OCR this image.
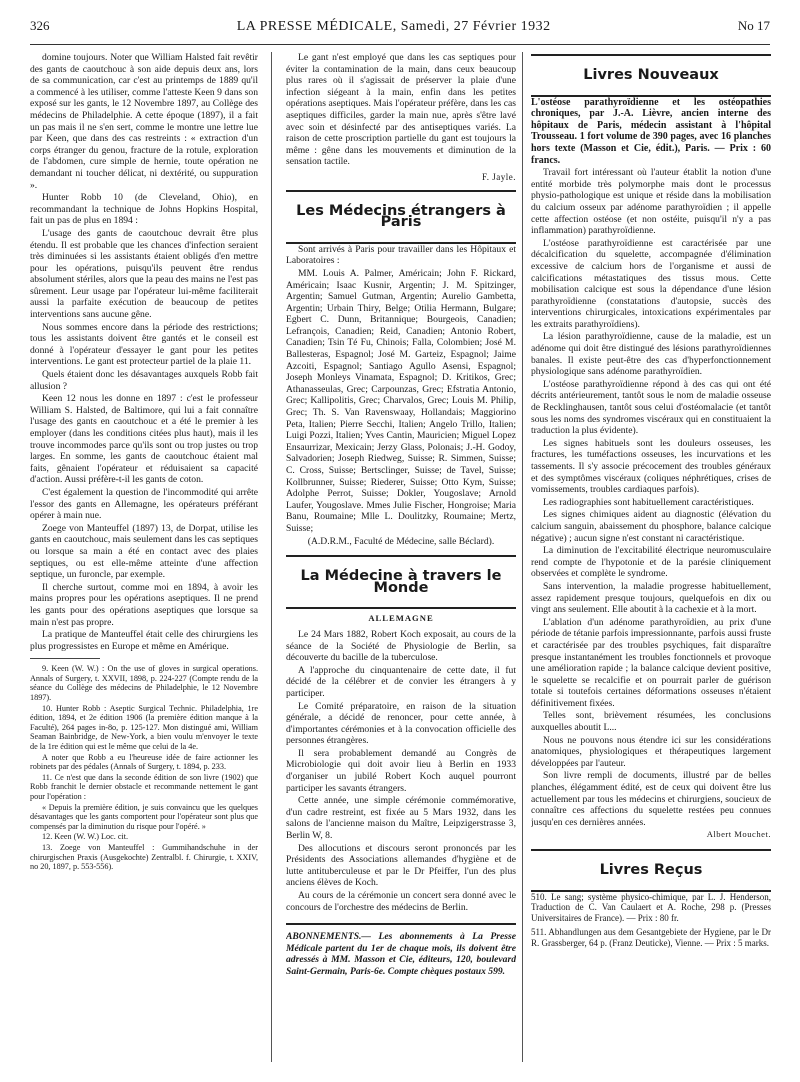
326	LA PRESSE MÉDICALE, Samedi, 27 Février 1932	No 17

domine toujours. Noter que William Halsted fait revêtir des gants de caoutchouc à son aide depuis deux ans, lors de sa communication, car c'est au printemps de 1889 qu'il a commencé à les utiliser, comme l'atteste Keen 9 dans son exposé sur les gants, le 12 Novembre 1897, au Collège des médecins de Philadelphie. A cette époque (1897), il a fait un pas mais il ne s'en sert, comme le montre une lettre lue par Keen, que dans des cas restreints : « extraction d'un corps étranger du genou, fracture de la rotule, exploration de l'abdomen, cure simple de hernie, toute opération ne demandant ni toucher délicat, ni dextérité, ou suppuration ».

Hunter Robb 10 (de Cleveland, Ohio), en recommandant la technique de Johns Hopkins Hospital, fait un pas de plus en 1894 :

L'usage des gants de caoutchouc devrait être plus étendu. Il est probable que les chances d'infection seraient très diminuées si les assistants étaient obligés d'en mettre pour les opérations, puisqu'ils peuvent être rendus absolument stériles, alors que la peau des mains ne l'est pas sûrement. Leur usage par l'opérateur lui-même faciliterait aussi la parfaite exécution de beaucoup de petites interventions sans aucune gêne.

Nous sommes encore dans la période des restrictions; tous les assistants doivent être gantés et le conseil est donné à l'opérateur d'essayer le gant pour les petites interventions. Le gant est protecteur partiel de la plaie 11.

Quels étaient donc les désavantages auxquels Robb fait allusion ?

Keen 12 nous les donne en 1897 : c'est le professeur William S. Halsted, de Baltimore, qui lui a fait connaître l'usage des gants en caoutchouc et a été le premier à les employer (dans les conditions citées plus haut), mais il les trouve incommodes parce qu'ils sont ou trop justes ou trop larges. En somme, les gants de caoutchouc étaient mal faits, gênaient l'opérateur et réduisaient sa capacité d'action. Aussi préfère-t-il les gants de coton.

C'est également la question de l'incommodité qui arrête l'essor des gants en Allemagne, les opérateurs préférant opérer à main nue.

Zoege von Manteuffel (1897) 13, de Dorpat, utilise les gants en caoutchouc, mais seulement dans les cas septiques ou lorsque sa main a été en contact avec des plaies septiques, ou est elle-même atteinte d'une affection septique, un furoncle, par exemple.

Il cherche surtout, comme moi en 1894, à avoir les mains propres pour les opérations aseptiques. Il ne prend les gants pour des opérations aseptiques que lorsque sa main n'est pas propre.

La pratique de Manteuffel était celle des chirurgiens les plus progressistes en Europe et même en Amérique.

9. Keen (W. W.) : On the use of gloves in surgical operations. Annals of Surgery, t. XXVII, 1898, p. 224-227 (Compte rendu de la séance du Collège des médecins de Philadelphie, le 12 Novembre 1897).

10. Hunter Robb : Aseptic Surgical Technic. Philadelphia, 1re édition, 1894, et 2e édition 1906 (la première édition manque à la Faculté), 264 pages in-8o, p. 125-127. Mon distingué ami, William Seaman Bainbridge, de New-York, a bien voulu m'envoyer le texte de la 1re édition qui est le même que celui de la 4e.

A noter que Robb a eu l'heureuse idée de faire actionner les robinets par des pédales (Annals of Surgery, t. 1894, p. 233.

11. Ce n'est que dans la seconde édition de son livre (1902) que Robb franchit le dernier obstacle et recommande nettement le gant pour l'opération :

« Depuis la première édition, je suis convaincu que les quelques désavantages que les gants comportent pour l'opérateur sont plus que compensés par la diminution du risque pour l'opéré. »

12. Keen (W. W.) Loc. cit.

13. Zoege von Manteuffel : Gummihandschuhe in der chirurgischen Praxis (Ausgekochte) Zentralbl. f. Chirurgie, t. XXIV, no 20, 1897, p. 553-556).

Le gant n'est employé que dans les cas septiques pour éviter la contamination de la main, dans ceux beaucoup plus rares où il s'agissait de préserver la plaie d'une infection siégeant à la main, enfin dans les petites opérations aseptiques. Mais l'opérateur préfère, dans les cas aseptiques difficiles, garder la main nue, après s'être lavé avec soin et désinfecté par des antiseptiques variés. La raison de cette proscription partielle du gant est toujours la même : gêne dans les mouvements et diminution de la sensation tactile.

F. Jayle.
Les Médecins étrangers à Paris

Sont arrivés à Paris pour travailler dans les Hôpitaux et Laboratoires :

MM. Louis A. Palmer, Américain; John F. Rickard, Américain; Isaac Kusnir, Argentin; J. M. Spitzinger, Argentin; Samuel Gutman, Argentin; Aurelio Gambetta, Argentin; Urbain Thiry, Belge; Otilia Hermann, Bulgare; Egbert C. Dunn, Britannique; Bourgeois, Canadien; Lefrançois, Canadien; Reid, Canadien; Antonio Robert, Canadien; Tsin Té Fu, Chinois; Falla, Colombien; José M. Ballesteras, Espagnol; José M. Garteiz, Espagnol; Jaime Azcoiti, Espagnol; Santiago Agullo Asensi, Espagnol; Joseph Monleys Vinamata, Espagnol; D. Kritikos, Grec; Athanasseulas, Grec; Carpounzas, Grec; Efstratia Antonio, Grec; Kallipolitis, Grec; Charvalos, Grec; Louis M. Philip, Grec; Th. S. Van Ravenswaay, Hollandais; Maggiorino Peta, Italien; Pierre Secchi, Italien; Angelo Trillo, Italien; Luigi Pozzi, Italien; Yves Cantin, Mauricien; Miguel Lopez Ensaurrizar, Mexicain; Jerzy Glass, Polonais; J.-H. Godoy, Salvadorien; Joseph Riedweg, Suisse; R. Simmen, Suisse; C. Cross, Suisse; Bertsclinger, Suisse; de Tavel, Suisse; Kollbrunner, Suisse; Riederer, Suisse; Otto Kym, Suisse; Adolphe Perrot, Suisse; Dokler, Yougoslave; Arnold Laufer, Yougoslave. Mmes Julie Fischer, Hongroise; Maria Banu, Roumaine; Mlle L. Doulitzky, Roumaine; Mertz, Suisse;

(A.D.R.M., Faculté de Médecine, salle Béclard).

La Médecine à travers le Monde
ALLEMAGNE

Le 24 Mars 1882, Robert Koch exposait, au cours de la séance de la Société de Physiologie de Berlin, sa découverte du bacille de la tuberculose.

A l'approche du cinquantenaire de cette date, il fut décidé de la célébrer et de convier les étrangers à y participer.

Le Comité préparatoire, en raison de la situation générale, a décidé de renoncer, pour cette année, à d'importantes cérémonies et à la convocation officielle des personnes étrangères.

Il sera probablement demandé au Congrès de Microbiologie qui doit avoir lieu à Berlin en 1933 d'organiser un jubilé Robert Koch auquel pourront participer les savants étrangers.

Cette année, une simple cérémonie commémorative, d'un cadre restreint, est fixée au 5 Mars 1932, dans les salons de l'ancienne maison du Maître, Leipzigerstrasse 3, Berlin W, 8.

Des allocutions et discours seront prononcés par les Présidents des Associations allemandes d'hygiène et de lutte antituberculeuse et par le Dr Pfeiffer, l'un des plus anciens élèves de Koch.

Au cours de la cérémonie un concert sera donné avec le concours de l'orchestre des médecins de Berlin.

ABONNEMENTS.— Les abonnements à La Presse Médicale partent du 1er de chaque mois, ils doivent être adressés à MM. Masson et Cie, éditeurs, 120, boulevard Saint-Germain, Paris-6e. Compte chèques postaux 599.
Livres Nouveaux

L'ostéose parathyroïdienne et les ostéopathies chroniques, par J.-A. Lièvre, ancien interne des hôpitaux de Paris, médecin assistant à l'hôpital Trousseau. 1 fort volume de 390 pages, avec 16 planches hors texte (Masson et Cie, édit.), Paris. — Prix : 60 francs.

Travail fort intéressant où l'auteur établit la notion d'une entité morbide très polymorphe mais dont le processus physio-pathologique est unique et réside dans la mobilisation du calcium osseux par adénome parathyroïdien ; il appelle cette affection ostéose (et non ostéite, puisqu'il n'y a pas inflammation) parathyroïdienne.

L'ostéose parathyroïdienne est caractérisée par une décalcification du squelette, accompagnée d'élimination excessive de calcium hors de l'organisme et aussi de calcifications métastatiques des tissus mous. Cette mobilisation calcique est sous la dépendance d'une lésion parathyroïdienne (constatations d'autopsie, succès des interventions chirurgicales, intoxications expérimentales par les extraits parathyroïdiens).

La lésion parathyroïdienne, cause de la maladie, est un adénome qui doit être distingué des lésions parathyroïdiennes banales. Il existe peut-être des cas d'hyperfonctionnement physiologique sans adénome parathyroïdien.

L'ostéose parathyroïdienne répond à des cas qui ont été décrits antérieurement, tantôt sous le nom de maladie osseuse de Recklinghausen, tantôt sous celui d'ostéomalacie (et tantôt sous les noms des syndromes viscéraux qui en constituaient la traduction la plus évidente).

Les signes habituels sont les douleurs osseuses, les fractures, les tuméfactions osseuses, les incurvations et les tassements. Il s'y associe précocement des troubles généraux et des symptômes viscéraux (coliques néphrétiques, crises de vomissements, troubles cardiaques parfois).

Les radiographies sont habituellement caractéristiques.

Les signes chimiques aident au diagnostic (élévation du calcium sanguin, abaissement du phosphore, balance calcique négative) ; aucun signe n'est constant ni caractéristique.

La diminution de l'excitabilité électrique neuromusculaire rend compte de l'hypotonie et de la parésie cliniquement observées et complète le syndrome.

Sans intervention, la maladie progresse habituellement, assez rapidement presque toujours, quelquefois en dix ou vingt ans seulement. Elle aboutit à la cachexie et à la mort.

L'ablation d'un adénome parathyroïdien, au prix d'une période de tétanie parfois impressionnante, parfois aussi fruste et caractérisée par des troubles psychiques, fait disparaître presque instantanément les troubles fonctionnels et provoque une amélioration rapide ; la balance calcique devient positive, le squelette se recalcifie et on pourrait parler de guérison totale si toutefois certaines déformations osseuses n'étaient définitivement fixées.

Telles sont, brièvement résumées, les conclusions auxquelles aboutit L...

Nous ne pouvons nous étendre ici sur les considérations anatomiques, physiologiques et thérapeutiques largement développées par l'auteur.

Son livre rempli de documents, illustré par de belles planches, élégamment édité, est de ceux qui doivent être lus actuellement par tous les médecins et chirurgiens, soucieux de connaître ces affections du squelette restées peu connues jusqu'en ces dernières années.

Albert Mouchet.
Livres Reçus
510. Le sang; système physico-chimique, par L. J. Henderson, Traduction de C. Van Caulaert et A. Roche, 298 p. (Presses Universitaires de France). — Prix : 80 fr.
511. Abhandlungen aus dem Gesantgebiete der Hygiene, par le Dr R. Grassberger, 64 p. (Franz Deuticke), Vienne. — Prix : 5 marks.
